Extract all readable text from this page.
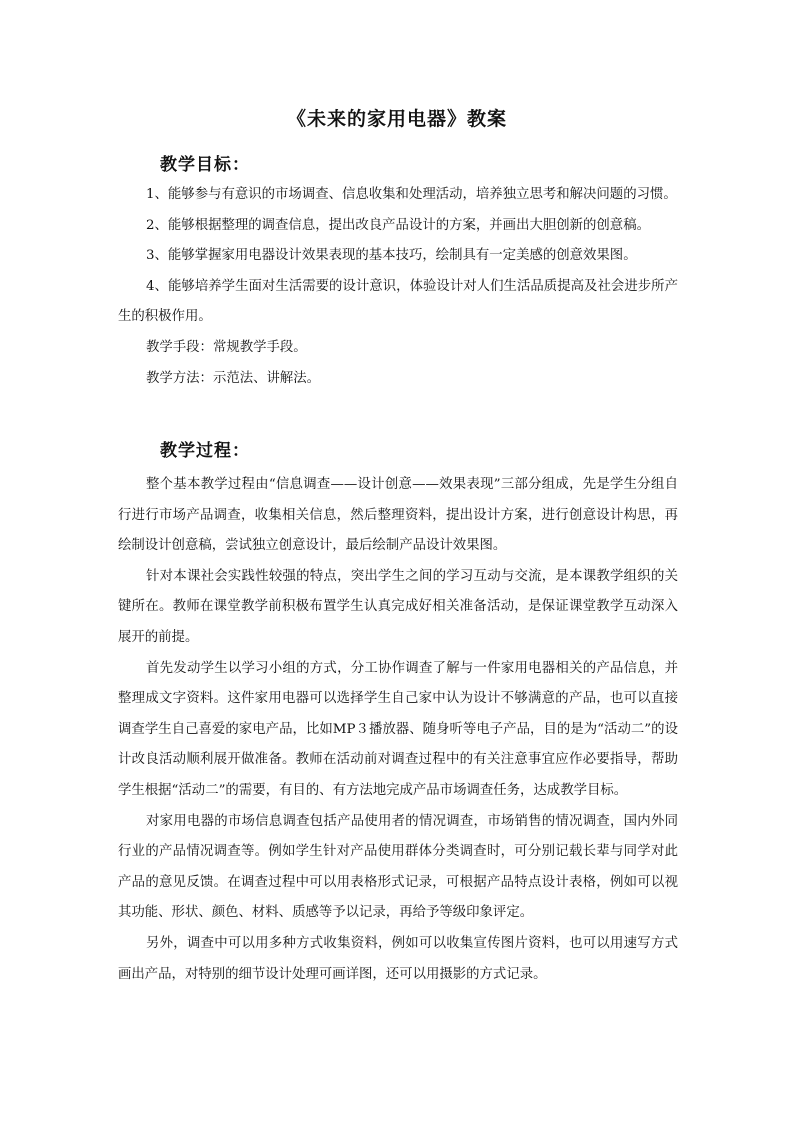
《未来的家用电器》教案
教学目标：

1、能够参与有意识的市场调查、信息收集和处理活动，培养独立思考和解决问题的习惯。

2、能够根据整理的调查信息，提出改良产品设计的方案，并画出大胆创新的创意稿。

3、能够掌握家用电器设计效果表现的基本技巧，绘制具有一定美感的创意效果图。

4、能够培养学生面对生活需要的设计意识，体验设计对人们生活品质提高及社会进步所产生的积极作用。

教学手段：常规教学手段。

教学方法：示范法、讲解法。

教学过程：

整个基本教学过程由“信息调查——设计创意——效果表现”三部分组成，先是学生分组自行进行市场产品调查，收集相关信息，然后整理资料，提出设计方案，进行创意设计构思，再绘制设计创意稿，尝试独立创意设计，最后绘制产品设计效果图。

针对本课社会实践性较强的特点，突出学生之间的学习互动与交流，是本课教学组织的关键所在。教师在课堂教学前积极布置学生认真完成好相关准备活动，是保证课堂教学互动深入展开的前提。

首先发动学生以学习小组的方式，分工协作调查了解与一件家用电器相关的产品信息，并整理成文字资料。这件家用电器可以选择学生自己家中认为设计不够满意的产品，也可以直接调查学生自己喜爱的家电产品，比如MP３播放器、随身听等电子产品，目的是为“活动二”的设计改良活动顺利展开做准备。教师在活动前对调查过程中的有关注意事宜应作必要指导，帮助学生根据“活动二”的需要，有目的、有方法地完成产品市场调查任务，达成教学目标。

对家用电器的市场信息调查包括产品使用者的情况调查，市场销售的情况调查，国内外同行业的产品情况调查等。例如学生针对产品使用群体分类调查时，可分别记载长辈与同学对此产品的意见反馈。在调查过程中可以用表格形式记录，可根据产品特点设计表格，例如可以视其功能、形状、颜色、材料、质感等予以记录，再给予等级印象评定。

另外，调查中可以用多种方式收集资料，例如可以收集宣传图片资料，也可以用速写方式画出产品，对特别的细节设计处理可画详图，还可以用摄影的方式记录。
